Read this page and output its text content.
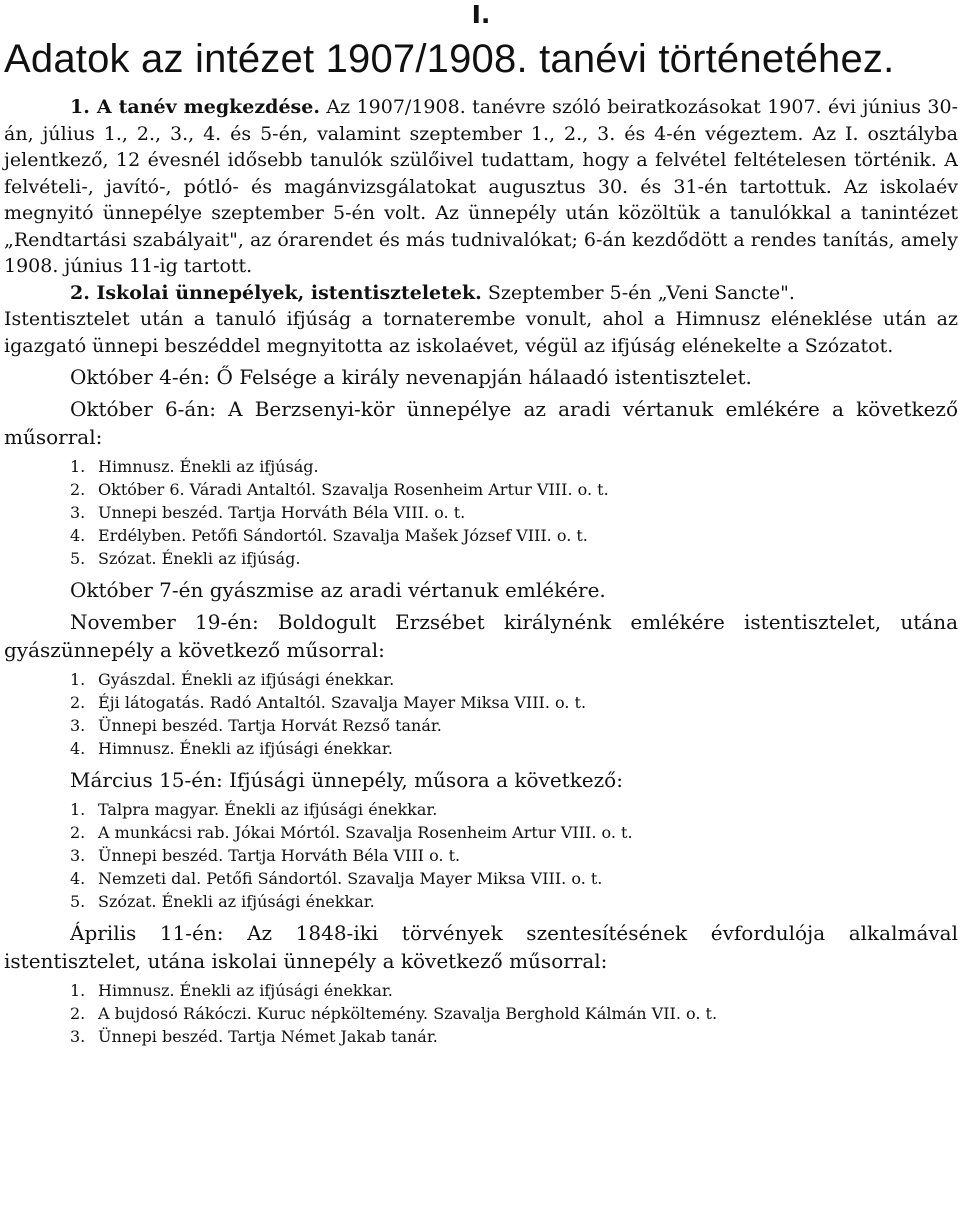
I.
Adatok az intézet 1907/1908. tanévi történetéhez.

1. A tanév megkezdése. Az 1907/1908. tanévre szóló beiratkozásokat 1907. évi június 30-án, július 1., 2., 3., 4. és 5-én, valamint szeptember 1., 2., 3. és 4-én végeztem. Az I. osztályba jelentkező, 12 évesnél idősebb tanulók szülőivel tudattam, hogy a felvétel feltételesen történik. A felvételi-, javító-, pótló- és magánvizsgálatokat augusztus 30. és 31-én tartottuk. Az iskolaév megnyitó ünnepélye szeptember 5-én volt. Az ünnepély után közöltük a tanulókkal a tanintézet „Rendtartási szabályait", az órarendet és más tudnivalókat; 6-án kezdődött a rendes tanítás, amely 1908. június 11-ig tartott.

2. Iskolai ünnepélyek, istentiszteletek. Szeptember 5-én „Veni Sancte".

Istentisztelet után a tanuló ifjúság a tornaterembe vonult, ahol a Himnusz eléneklése után az igazgató ünnepi beszéddel megnyitotta az iskolaévet, végül az ifjúság elénekelte a Szózatot.

Október 4-én: Ő Felsége a király nevenapján hálaadó istentisztelet.

Október 6-án: A Berzsenyi-kör ünnepélye az aradi vértanuk emlékére a következő műsorral:

1. Himnusz. Énekli az ifjúság.
2. Október 6. Váradi Antaltól. Szavalja Rosenheim Artur VIII. o. t.
3. Unnepi beszéd. Tartja Horváth Béla VIII. o. t.
4. Erdélyben. Petőfi Sándortól. Szavalja Mašek József VIII. o. t.
5. Szózat. Énekli az ifjúság.

Október 7-én gyászmise az aradi vértanuk emlékére.

November 19-én: Boldogult Erzsébet királynénk emlékére istentisztelet, utána gyászünnepély a következő műsorral:

1. Gyászdal. Énekli az ifjúsági énekkar.
2. Éji látogatás. Radó Antaltól. Szavalja Mayer Miksa VIII. o. t.
3. Ünnepi beszéd. Tartja Horvát Rezső tanár.
4. Himnusz. Énekli az ifjúsági énekkar.

Március 15-én: Ifjúsági ünnepély, műsora a következő:

1. Talpra magyar. Énekli az ifjúsági énekkar.
2. A munkácsi rab. Jókai Mórtól. Szavalja Rosenheim Artur VIII. o. t.
3. Ünnepi beszéd. Tartja Horváth Béla VIII o. t.
4. Nemzeti dal. Petőfi Sándortól. Szavalja Mayer Miksa VIII. o. t.
5. Szózat. Énekli az ifjúsági énekkar.

Április 11-én: Az 1848-iki törvények szentesítésének évfordulója alkalmával istentisztelet, utána iskolai ünnepély a következő műsorral:

1. Himnusz. Énekli az ifjúsági énekkar.
2. A bujdosó Rákóczi. Kuruc népköltemény. Szavalja Berghold Kálmán VII. o. t.
3. Ünnepi beszéd. Tartja Német Jakab tanár.
